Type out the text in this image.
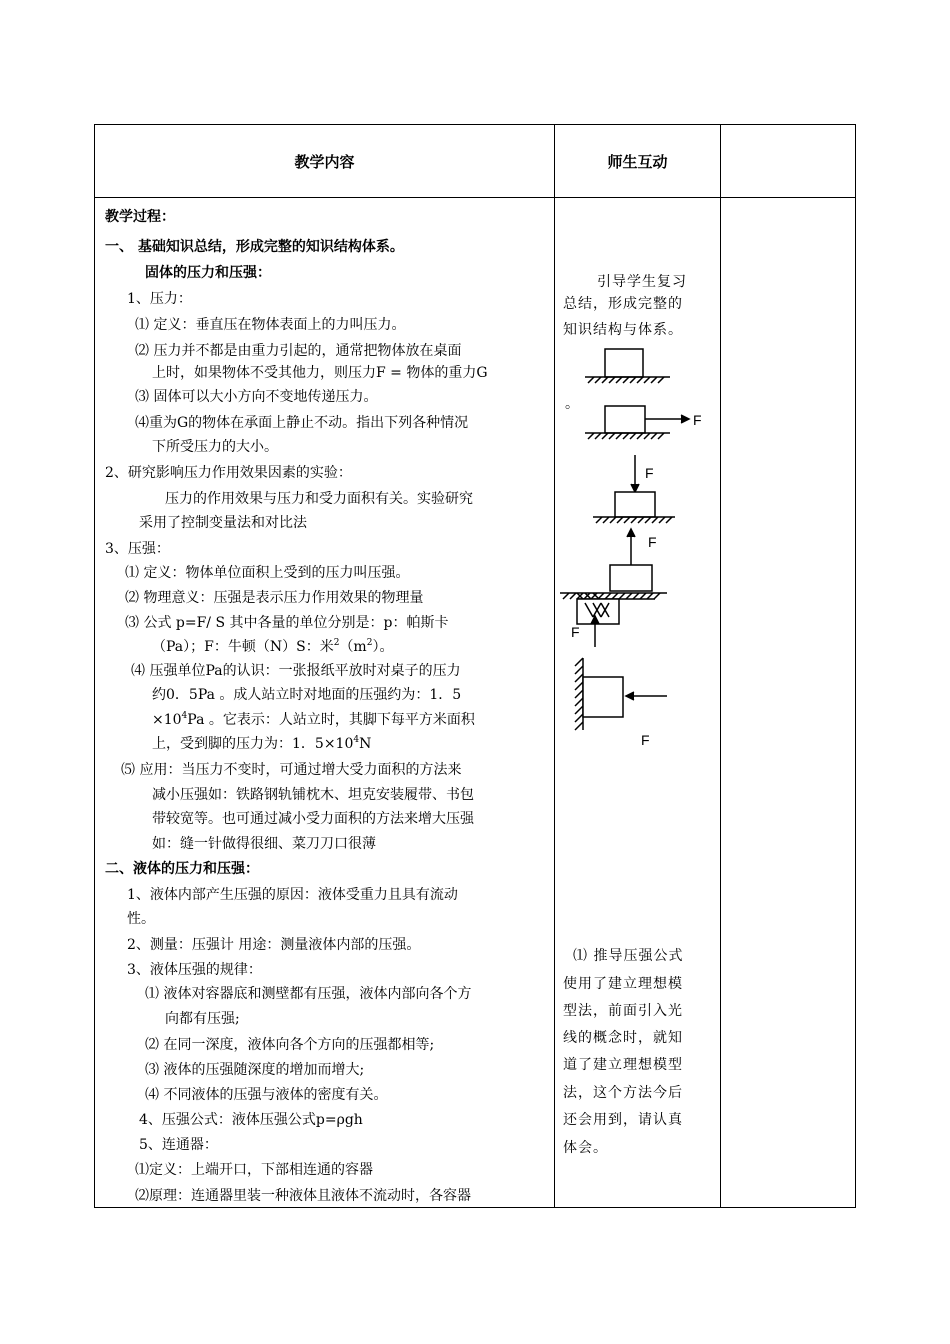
教学内容	师生互动
教学过程：
一、 基础知识总结，形成完整的知识结构体系。
固体的压力和压强：
1、压力：
⑴ 定义：垂直压在物体表面上的力叫压力。
⑵ 压力并不都是由重力引起的，通常把物体放在桌面
上时，如果物体不受其他力，则压力F = 物体的重力G
⑶ 固体可以大小方向不变地传递压力。
⑷重为G的物体在承面上静止不动。指出下列各种情况
下所受压力的大小。
2、研究影响压力作用效果因素的实验：
压力的作用效果与压力和受力面积有关。实验研究
采用了控制变量法和对比法
3、压强：
⑴ 定义：物体单位面积上受到的压力叫压强。
⑵ 物理意义：压强是表示压力作用效果的物理量
⑶ 公式 p=F/ S 其中各量的单位分别是：p：帕斯卡
（Pa）；F：牛顿（N）S：米$^2(m^2)$。
⑷ 压强单位Pa的认识：一张报纸平放时对桌子的压力
约0．5Pa 。成人站立时对地面的压强约为：1．5
$\times 10^4Pa$ 。它表示：人站立时，其脚下每平方米面积
上，受到脚的压力为：1．$5\times 10^4N$
⑸ 应用：当压力不变时，可通过增大受力面积的方法来
减小压强如：铁路钢轨铺枕木、坦克安装履带、书包
带较宽等。也可通过减小受力面积的方法来增大压强
如：缝一针做得很细、菜刀刀口很薄
二、液体的压力和压强：
1、液体内部产生压强的原因：液体受重力且具有流动
性。
2、测量：压强计 用途：测量液体内部的压强。
3、液体压强的规律：
⑴ 液体对容器底和测壁都有压强，液体内部向各个方
向都有压强;
⑵ 在同一深度，液体向各个方向的压强都相等;
⑶ 液体的压强随深度的增加而增大;
⑷ 不同液体的压强与液体的密度有关。
4、压强公式：液体压强公式p=ρgh
5、连通器：
⑴定义：上端开口，下部相连通的容器
⑵原理：连通器里装一种液体且液体不流动时，各容器
引导学生复习
总结，形成完整的
知识结构与体系。
。
F
F
F
F
F
⑴ 推导压强公式
使用了建立理想模
型法，前面引入光
线的概念时，就知
道了建立理想模型
法，这个方法今后
还会用到，请认真
体会。
